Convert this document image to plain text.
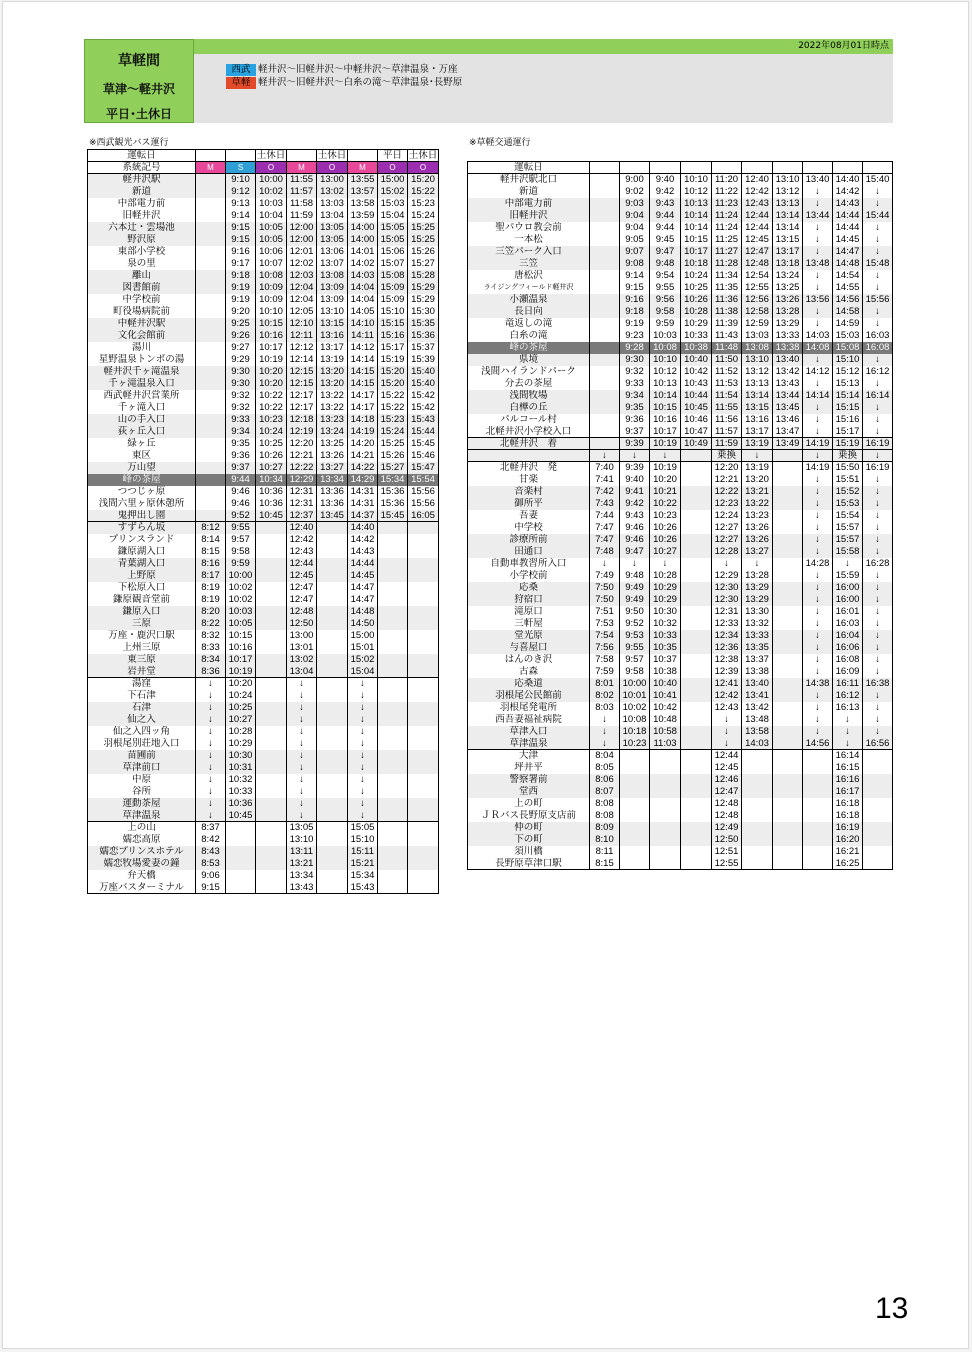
2022年08月01日時点
西武 軽井沢～旧軽井沢～中軽井沢～草津温泉・万座
草軽 軽井沢～旧軽井沢～白糸の滝～草津温泉･長野原
草軽間
草津～軽井沢
平日･土休日
※西武観光バス運行	※草軽交通運行
運転日			土休日		土休日		平日	土休日
系統記号	M	S	O	M	O	M	O	O
軽井沢駅		9:10	10:00	11:55	13:00	13:55	15:00	15:20
新道		9:12	10:02	11:57	13:02	13:57	15:02	15:22
中部電力前		9:13	10:03	11:58	13:03	13:58	15:03	15:23
旧軽井沢		9:14	10:04	11:59	13:04	13:59	15:04	15:24
六本辻・雲場池		9:15	10:05	12:00	13:05	14:00	15:05	15:25
野沢原		9:15	10:05	12:00	13:05	14:00	15:05	15:25
東部小学校		9:16	10:06	12:01	13:06	14:01	15:06	15:26
泉の里		9:17	10:07	12:02	13:07	14:02	15:07	15:27
離山		9:18	10:08	12:03	13:08	14:03	15:08	15:28
図書館前		9:19	10:09	12:04	13:09	14:04	15:09	15:29
中学校前		9:19	10:09	12:04	13:09	14:04	15:09	15:29
町役場病院前		9:20	10:10	12:05	13:10	14:05	15:10	15:30
中軽井沢駅		9:25	10:15	12:10	13:15	14:10	15:15	15:35
文化会館前		9:26	10:16	12:11	13:16	14:11	15:16	15:36
湯川		9:27	10:17	12:12	13:17	14:12	15:17	15:37
星野温泉トンボの湯		9:29	10:19	12:14	13:19	14:14	15:19	15:39
軽井沢千ヶ滝温泉		9:30	10:20	12:15	13:20	14:15	15:20	15:40
千ヶ滝温泉入口		9:30	10:20	12:15	13:20	14:15	15:20	15:40
西武軽井沢営業所		9:32	10:22	12:17	13:22	14:17	15:22	15:42
千ヶ滝入口		9:32	10:22	12:17	13:22	14:17	15:22	15:42
山の手入口		9:33	10:23	12:18	13:23	14:18	15:23	15:43
荻ヶ丘入口		9:34	10:24	12:19	13:24	14:19	15:24	15:44
緑ヶ丘		9:35	10:25	12:20	13:25	14:20	15:25	15:45
東区		9:36	10:26	12:21	13:26	14:21	15:26	15:46
万山望		9:37	10:27	12:22	13:27	14:22	15:27	15:47
峰の茶屋		9:44	10:34	12:29	13:34	14:29	15:34	15:54
つつじヶ原		9:46	10:36	12:31	13:36	14:31	15:36	15:56
浅間六里ヶ原休憩所		9:46	10:36	12:31	13:36	14:31	15:36	15:56
鬼押出し園		9:52	10:45	12:37	13:45	14:37	15:45	16:05
すずらん坂	8:12	9:55		12:40		14:40		
プリンスランド	8:14	9:57		12:42		14:42		
鎌原湖入口	8:15	9:58		12:43		14:43		
青葉湖入口	8:16	9:59		12:44		14:44		
上野原	8:17	10:00		12:45		14:45		
下松原入口	8:19	10:02		12:47		14:47		
鎌原観音堂前	8:19	10:02		12:47		14:47		
鎌原入口	8:20	10:03		12:48		14:48		
三原	8:22	10:05		12:50		14:50		
万座・鹿沢口駅	8:32	10:15		13:00		15:00		
上州三原	8:33	10:16		13:01		15:01		
東三原	8:34	10:17		13:02		15:02		
岩井堂	8:36	10:19		13:04		15:04		
湯窪	↓	10:20		↓		↓		
下石津	↓	10:24		↓		↓		
石津	↓	10:25		↓		↓		
仙之入	↓	10:27		↓		↓		
仙之入四ッ角	↓	10:28		↓		↓		
羽根尾別荘地入口	↓	10:29		↓		↓		
苗圃前	↓	10:30		↓		↓		
草津前口	↓	10:31		↓		↓		
中原	↓	10:32		↓		↓		
谷所	↓	10:33		↓		↓		
運動茶屋	↓	10:36		↓		↓		
草津温泉	↓	10:45		↓		↓		
上の山	8:37			13:05		15:05		
嬬恋高原	8:42			13:10		15:10		
嬬恋プリンスホテル	8:43			13:11		15:11		
嬬恋牧場愛妻の鐘	8:53			13:21		15:21		
弁天橋	9:06			13:34		15:34		
万座バスターミナル	9:15			13:43		15:43		
運転日										
軽井沢駅北口		9:00	9:40	10:10	11:20	12:40	13:10	13:40	14:40	15:40
新道		9:02	9:42	10:12	11:22	12:42	13:12	↓	14:42	↓
中部電力前		9:03	9:43	10:13	11:23	12:43	13:13	↓	14:43	↓
旧軽井沢		9:04	9:44	10:14	11:24	12:44	13:14	13:44	14:44	15:44
聖パウロ教会前		9:04	9:44	10:14	11:24	12:44	13:14	↓	14:44	↓
一本松		9:05	9:45	10:15	11:25	12:45	13:15	↓	14:45	↓
三笠パーク入口		9:07	9:47	10:17	11:27	12:47	13:17	↓	14:47	↓
三笠		9:08	9:48	10:18	11:28	12:48	13:18	13:48	14:48	15:48
唐松沢		9:14	9:54	10:24	11:34	12:54	13:24	↓	14:54	↓
ライジングフィールド軽井沢		9:15	9:55	10:25	11:35	12:55	13:25	↓	14:55	↓
小瀬温泉		9:16	9:56	10:26	11:36	12:56	13:26	13:56	14:56	15:56
長日向		9:18	9:58	10:28	11:38	12:58	13:28	↓	14:58	↓
竜返しの滝		9:19	9:59	10:29	11:39	12:59	13:29	↓	14:59	↓
白糸の滝		9:23	10:03	10:33	11:43	13:03	13:33	14:03	15:03	16:03
峰の茶屋		9:28	10:08	10:38	11:48	13:08	13:38	14:08	15:08	16:08
県境		9:30	10:10	10:40	11:50	13:10	13:40	↓	15:10	↓
浅間ハイランドパーク		9:32	10:12	10:42	11:52	13:12	13:42	14:12	15:12	16:12
分去の茶屋		9:33	10:13	10:43	11:53	13:13	13:43	↓	15:13	↓
浅間牧場		9:34	10:14	10:44	11:54	13:14	13:44	14:14	15:14	16:14
白樺の丘		9:35	10:15	10:45	11:55	13:15	13:45	↓	15:15	↓
パルコール村		9:36	10:16	10:46	11:56	13:16	13:46	↓	15:16	↓
北軽井沢小学校入口		9:37	10:17	10:47	11:57	13:17	13:47	↓	15:17	↓
北軽井沢　着		9:39	10:19	10:49	11:59	13:19	13:49	14:19	15:19	16:19
	↓	↓	↓		乗換	↓		↓	乗換	↓
北軽井沢　発	7:40	9:39	10:19		12:20	13:19		14:19	15:50	16:19
甘楽	7:41	9:40	10:20		12:21	13:20		↓	15:51	↓
音楽村	7:42	9:41	10:21		12:22	13:21		↓	15:52	↓
御所平	7:43	9:42	10:22		12:23	13:22		↓	15:53	↓
吾妻	7:44	9:43	10:23		12:24	13:23		↓	15:54	↓
中学校	7:47	9:46	10:26		12:27	13:26		↓	15:57	↓
診療所前	7:47	9:46	10:26		12:27	13:26		↓	15:57	↓
田通口	7:48	9:47	10:27		12:28	13:27		↓	15:58	↓
自動車教習所入口	↓	↓	↓		↓	↓		14:28	↓	16:28
小学校前	7:49	9:48	10:28		12:29	13:28		↓	15:59	↓
応桑	7:50	9:49	10:29		12:30	13:29		↓	16:00	↓
狩宿口	7:50	9:49	10:29		12:30	13:29		↓	16:00	↓
滝原口	7:51	9:50	10:30		12:31	13:30		↓	16:01	↓
三軒屋	7:53	9:52	10:32		12:33	13:32		↓	16:03	↓
堂光原	7:54	9:53	10:33		12:34	13:33		↓	16:04	↓
与喜屋口	7:56	9:55	10:35		12:36	13:35		↓	16:06	↓
はんのき沢	7:58	9:57	10:37		12:38	13:37		↓	16:08	↓
古森	7:59	9:58	10:38		12:39	13:38		↓	16:09	↓
応桑道	8:01	10:00	10:40		12:41	13:40		14:38	16:11	16:38
羽根尾公民館前	8:02	10:01	10:41		12:42	13:41		↓	16:12	↓
羽根尾発電所	8:03	10:02	10:42		12:43	13:42		↓	16:13	↓
西吾妻福祉病院	↓	10:08	10:48		↓	13:48		↓	↓	↓
草津入口	↓	10:18	10:58		↓	13:58		↓	↓	↓
草津温泉	↓	10:23	11:03		↓	14:03		14:56	↓	16:56
大津	8:04				12:44				16:14	
坪井平	8:05				12:45				16:15	
警察署前	8:06				12:46				16:16	
堂西	8:07				12:47				16:17	
上の町	8:08				12:48				16:18	
ＪＲバス長野原支店前	8:08				12:48				16:18	
仲の町	8:09				12:49				16:19	
下の町	8:10				12:50				16:20	
須川橋	8:11				12:51				16:21	
長野原草津口駅	8:15				12:55				16:25	
13
